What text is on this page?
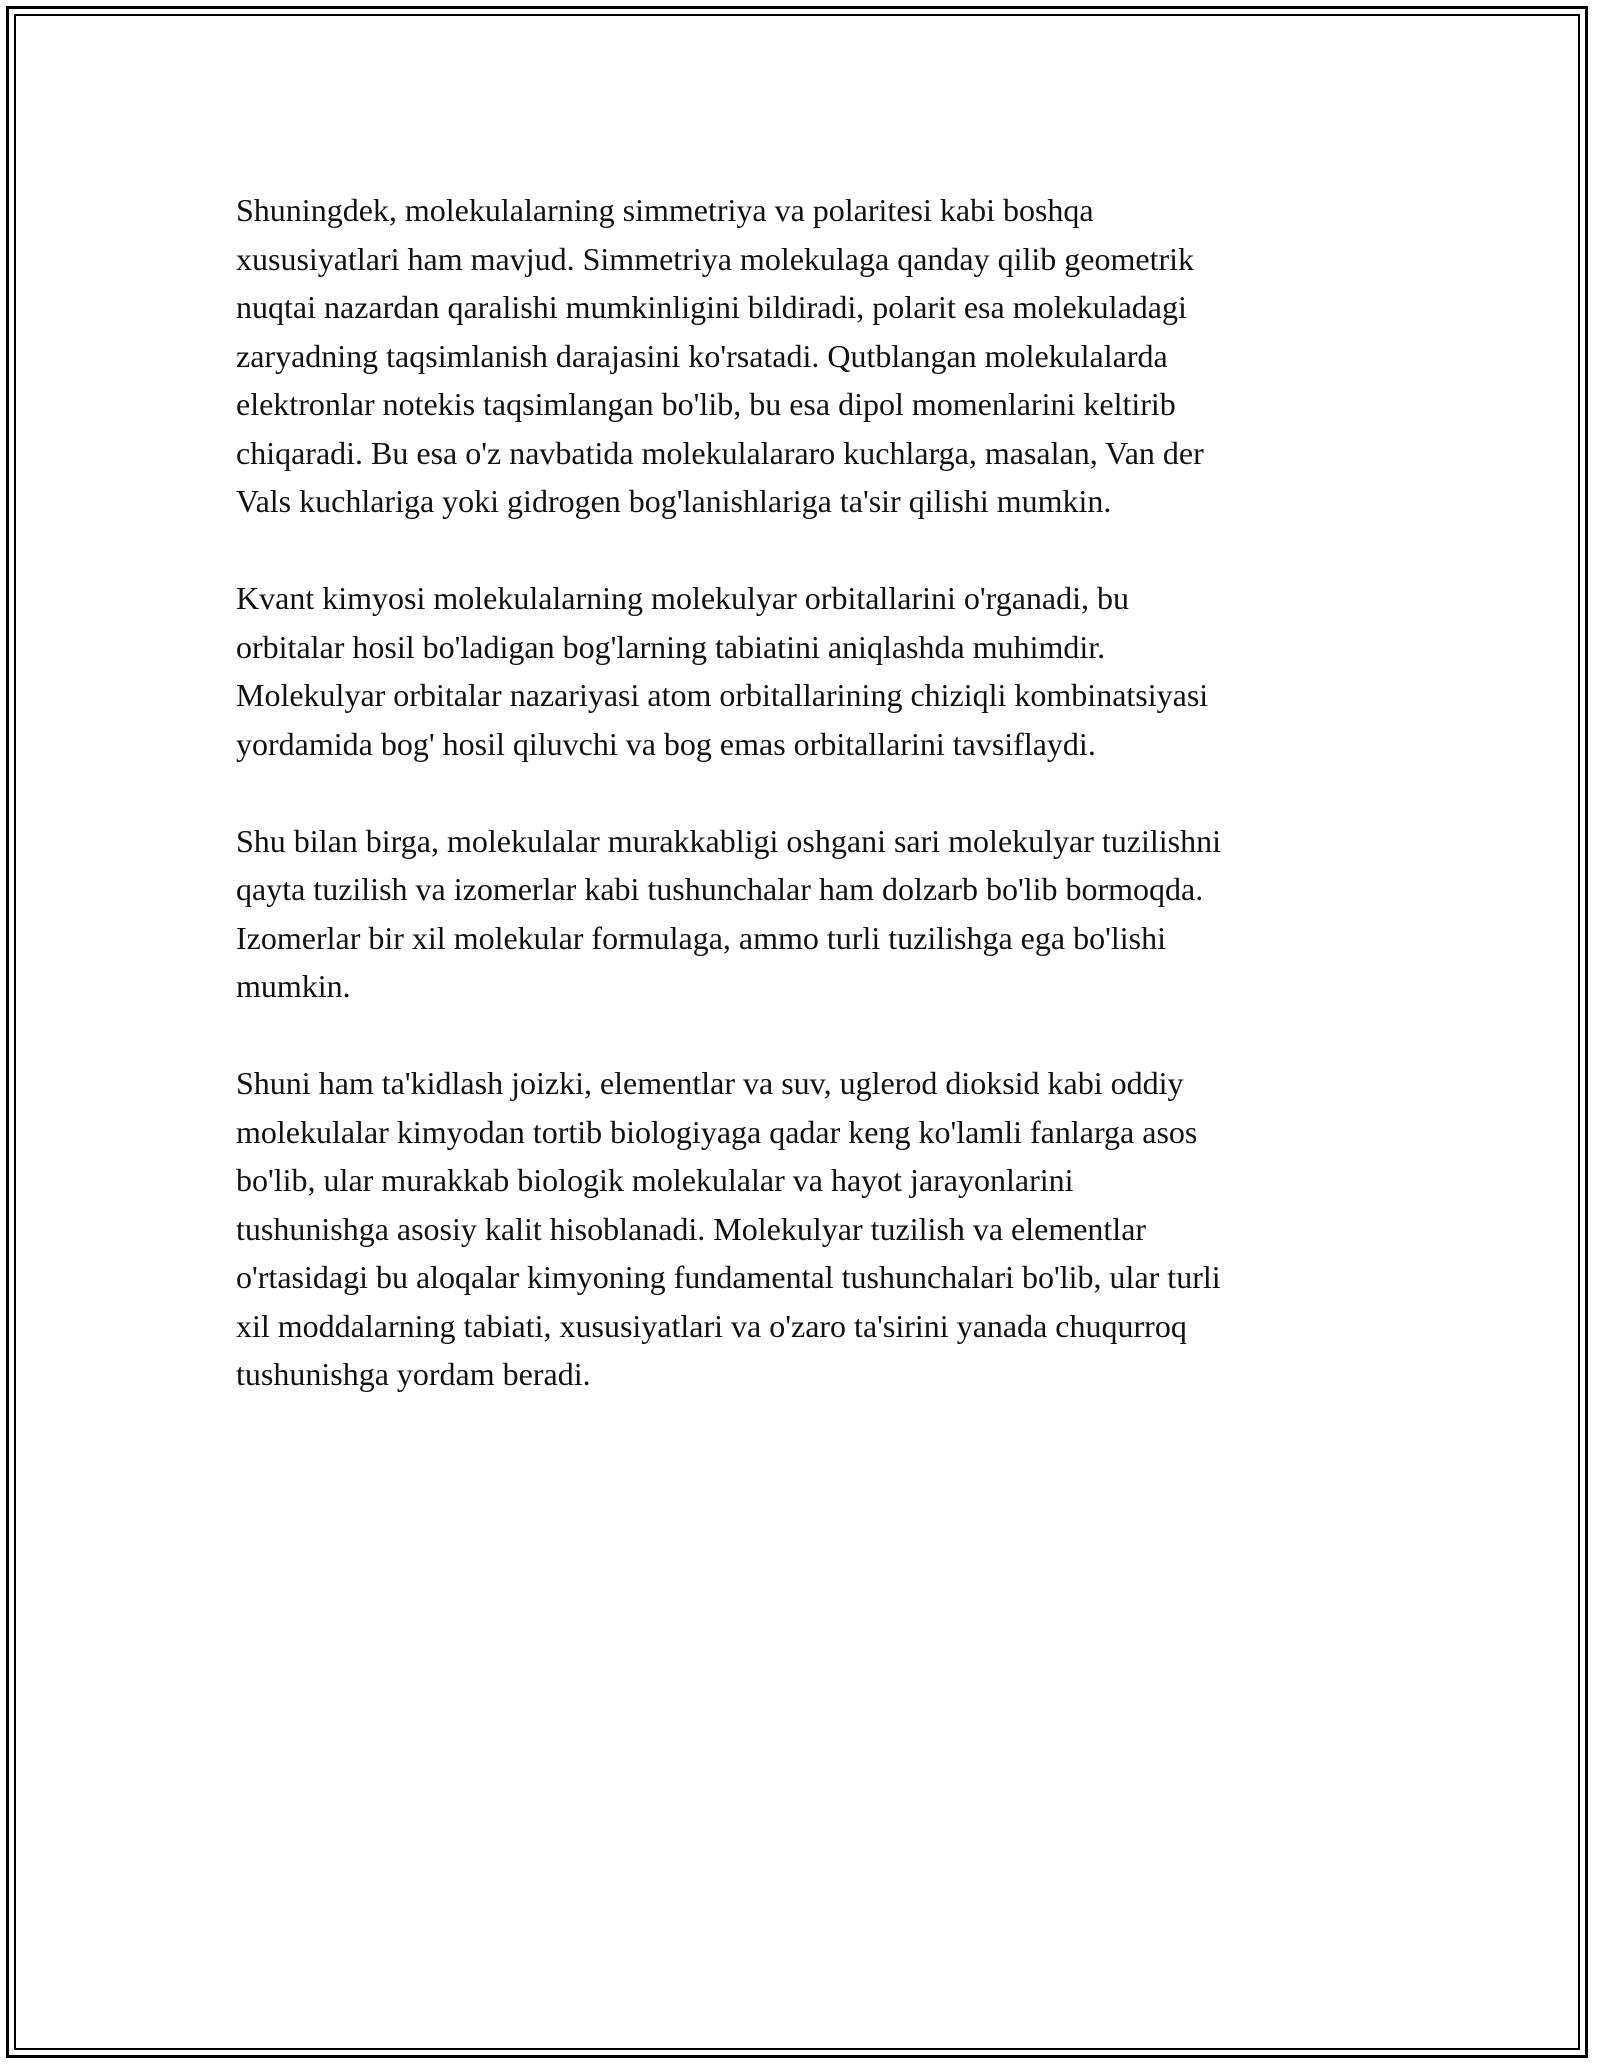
Shuningdek, molekulalarning simmetriya va polaritesi kabi boshqa
xususiyatlari ham mavjud. Simmetriya molekulaga qanday qilib geometrik
nuqtai nazardan qaralishi mumkinligini bildiradi, polarit esa molekuladagi
zaryadning taqsimlanish darajasini ko'rsatadi. Qutblangan molekulalarda
elektronlar notekis taqsimlangan bo'lib, bu esa dipol momenlarini keltirib
chiqaradi. Bu esa o'z navbatida molekulalararo kuchlarga, masalan, Van der
Vals kuchlariga yoki gidrogen bog'lanishlariga ta'sir qilishi mumkin.

Kvant kimyosi molekulalarning molekulyar orbitallarini o'rganadi, bu
orbitalar hosil bo'ladigan bog'larning tabiatini aniqlashda muhimdir.
Molekulyar orbitalar nazariyasi atom orbitallarining chiziqli kombinatsiyasi
yordamida bog' hosil qiluvchi va bog emas orbitallarini tavsiflaydi.

Shu bilan birga, molekulalar murakkabligi oshgani sari molekulyar tuzilishni
qayta tuzilish va izomerlar kabi tushunchalar ham dolzarb bo'lib bormoqda.
Izomerlar bir xil molekular formulaga, ammo turli tuzilishga ega bo'lishi
mumkin.

Shuni ham ta'kidlash joizki, elementlar va suv, uglerod dioksid kabi oddiy
molekulalar kimyodan tortib biologiyaga qadar keng ko'lamli fanlarga asos
bo'lib, ular murakkab biologik molekulalar va hayot jarayonlarini
tushunishga asosiy kalit hisoblanadi. Molekulyar tuzilish va elementlar
o'rtasidagi bu aloqalar kimyoning fundamental tushunchalari bo'lib, ular turli
xil moddalarning tabiati, xususiyatlari va o'zaro ta'sirini yanada chuqurroq
tushunishga yordam beradi.
